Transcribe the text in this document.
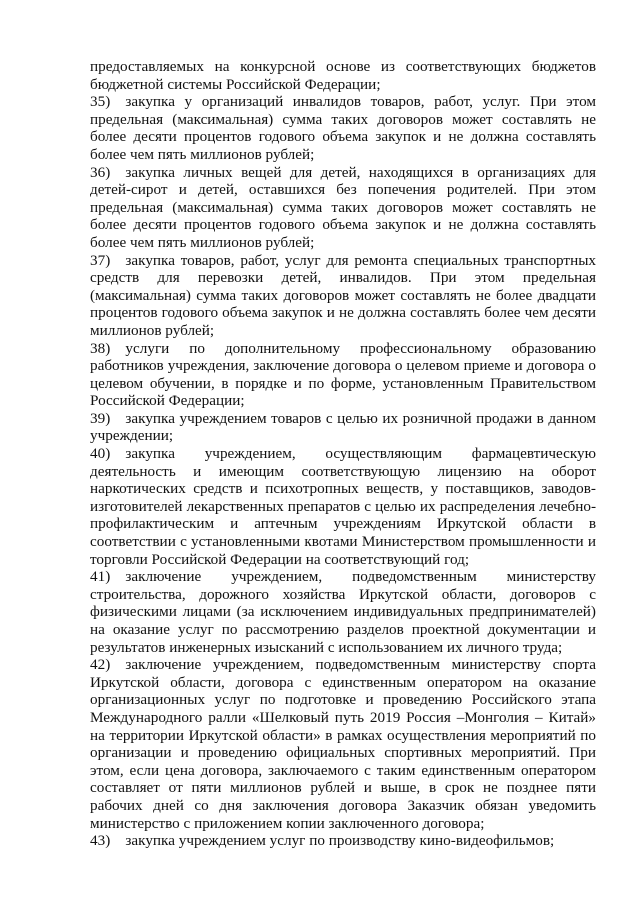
предоставляемых на конкурсной основе из соответствующих бюджетов бюджетной системы Российской Федерации;

35) закупка у организаций инвалидов товаров, работ, услуг. При этом предельная (максимальная) сумма таких договоров может составлять не более десяти процентов годового объема закупок и не должна составлять более чем пять миллионов рублей;

36) закупка личных вещей для детей, находящихся в организациях для детей-сирот и детей, оставшихся без попечения родителей. При этом предельная (максимальная) сумма таких договоров может составлять не более десяти процентов годового объема закупок и не должна составлять более чем пять миллионов рублей;

37) закупка товаров, работ, услуг для ремонта специальных транспортных средств для перевозки детей, инвалидов. При этом предельная (максимальная) сумма таких договоров может составлять не более двадцати процентов годового объема закупок и не должна составлять более чем десяти миллионов рублей;

38) услуги по дополнительному профессиональному образованию работников учреждения, заключение договора о целевом приеме и договора о целевом обучении, в порядке и по форме, установленным Правительством Российской Федерации;

39) закупка учреждением товаров с целью их розничной продажи в данном учреждении;

40) закупка учреждением, осуществляющим фармацевтическую деятельность и имеющим соответствующую лицензию на оборот наркотических средств и психотропных веществ, у поставщиков, заводов-изготовителей лекарственных препаратов с целью их распределения лечебно-профилактическим и аптечным учреждениям Иркутской области в соответствии с установленными квотами Министерством промышленности и торговли Российской Федерации на соответствующий год;

41) заключение учреждением, подведомственным министерству строительства, дорожного хозяйства Иркутской области, договоров с физическими лицами (за исключением индивидуальных предпринимателей) на оказание услуг по рассмотрению разделов проектной документации и результатов инженерных изысканий с использованием их личного труда;

42) заключение учреждением, подведомственным министерству спорта Иркутской области, договора с единственным оператором на оказание организационных услуг по подготовке и проведению Российского этапа Международного ралли «Шелковый путь 2019 Россия –Монголия – Китай» на территории Иркутской области» в рамках осуществления мероприятий по организации и проведению официальных спортивных мероприятий. При этом, если цена договора, заключаемого с таким единственным оператором составляет от пяти миллионов рублей и выше, в срок не позднее пяти рабочих дней со дня заключения договора Заказчик обязан уведомить министерство с приложением копии заключенного договора;

43) закупка учреждением услуг по производству кино-видеофильмов;
